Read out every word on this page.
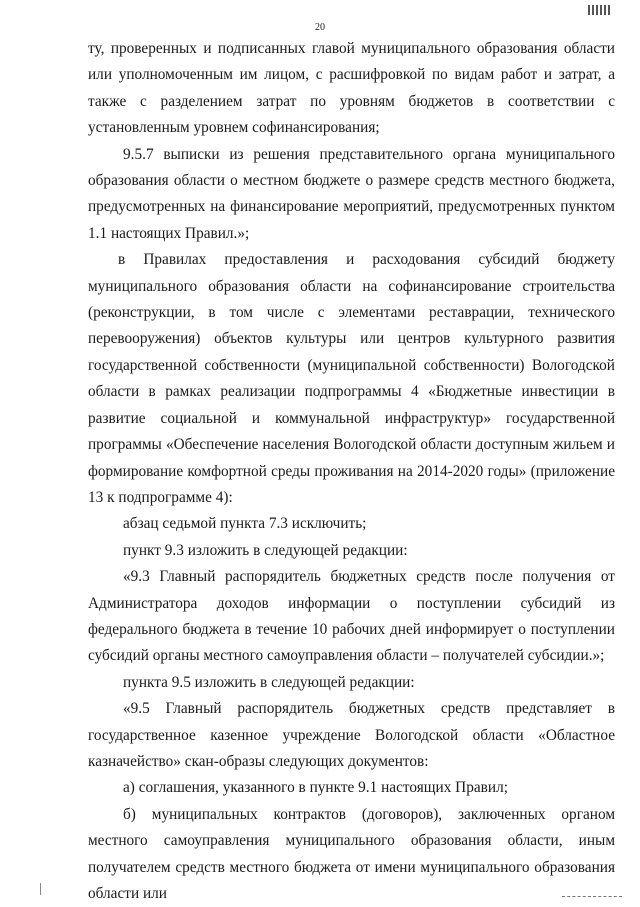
20

ту, проверенных и подписанных главой муниципального образования области или уполномоченным им лицом, с расшифровкой по видам работ и затрат, а также с разделением затрат по уровням бюджетов в соответствии с установленным уровнем софинансирования;

9.5.7 выписки из решения представительного органа муниципального образования области о местном бюджете о размере средств местного бюджета, предусмотренных на финансирование мероприятий, предусмотренных пунктом 1.1 настоящих Правил.»;

в Правилах предоставления и расходования субсидий бюджету муниципального образования области на софинансирование строительства (реконструкции, в том числе с элементами реставрации, технического перевооружения) объектов культуры или центров культурного развития государственной собственности (муниципальной собственности) Вологодской области в рамках реализации подпрограммы 4 «Бюджетные инвестиции в развитие социальной и коммунальной инфраструктур» государственной программы «Обеспечение населения Вологодской области доступным жильем и формирование комфортной среды проживания на 2014-2020 годы» (приложение 13 к подпрограмме 4):

абзац седьмой пункта 7.3 исключить;

пункт 9.3 изложить в следующей редакции:

«9.3 Главный распорядитель бюджетных средств после получения от Администратора доходов информации о поступлении субсидий из федерального бюджета в течение 10 рабочих дней информирует о поступлении субсидий органы местного самоуправления области – получателей субсидии.»;

пункта 9.5 изложить в следующей редакции:

«9.5 Главный распорядитель бюджетных средств представляет в государственное казенное учреждение Вологодской области «Областное казначейство» скан-образы следующих документов:

а) соглашения, указанного в пункте 9.1 настоящих Правил;

б) муниципальных контрактов (договоров), заключенных органом местного самоуправления муниципального образования области, иным получателем средств местного бюджета от имени муниципального образования области или
